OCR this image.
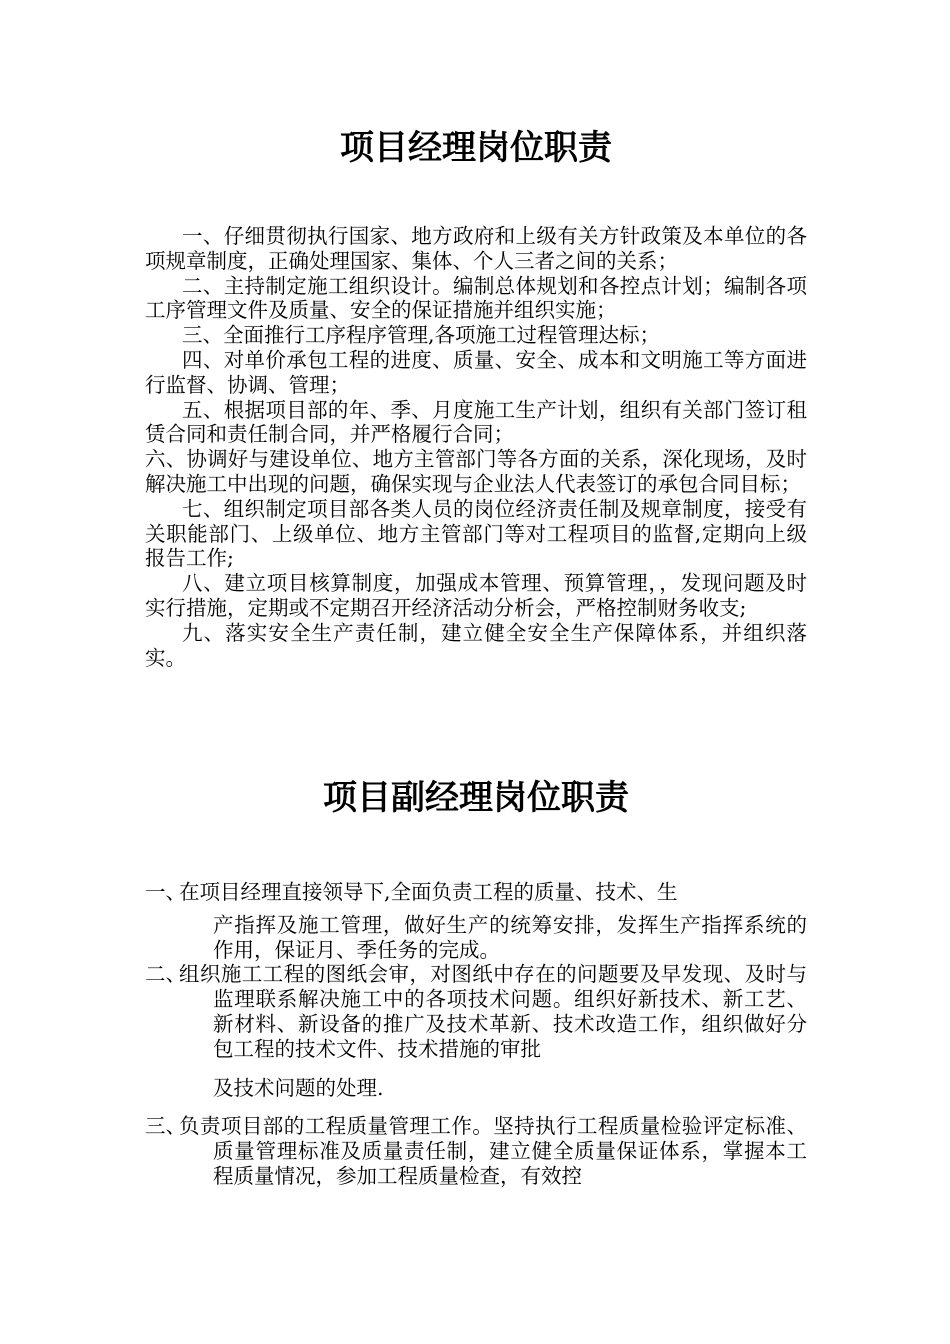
项目经理岗位职责

一、仔细贯彻执行国家、地方政府和上级有关方针政策及本单位的各项规章制度，正确处理国家、集体、个人三者之间的关系；

二、主持制定施工组织设计。编制总体规划和各控点计划；编制各项工序管理文件及质量、安全的保证措施并组织实施；

三、全面推行工序程序管理,各项施工过程管理达标；

四、对单价承包工程的进度、质量、安全、成本和文明施工等方面进行监督、协调、管理；

五、根据项目部的年、季、月度施工生产计划，组织有关部门签订租赁合同和责任制合同，并严格履行合同；

六、协调好与建设单位、地方主管部门等各方面的关系，深化现场，及时解决施工中出现的问题，确保实现与企业法人代表签订的承包合同目标；

七、组织制定项目部各类人员的岗位经济责任制及规章制度，接受有关职能部门、上级单位、地方主管部门等对工程项目的监督,定期向上级报告工作;

八、建立项目核算制度，加强成本管理、预算管理，，发现问题及时实行措施，定期或不定期召开经济活动分析会，严格控制财务收支;

九、落实安全生产责任制，建立健全安全生产保障体系，并组织落实。

项目副经理岗位职责
一、

在项目经理直接领导下,全面负责工程的质量、技术、生

产指挥及施工管理，做好生产的统筹安排，发挥生产指挥系统的作用，保证月、季任务的完成。

二、

组织施工工程的图纸会审，对图纸中存在的问题要及早发现、及时与监理联系解决施工中的各项技术问题。组织好新技术、新工艺、新材料、新设备的推广及技术革新、技术改造工作，组织做好分包工程的技术文件、技术措施的审批

及技术问题的处理.

三、

负责项目部的工程质量管理工作。坚持执行工程质量检验评定标准、质量管理标准及质量责任制，建立健全质量保证体系，掌握本工程质量情况，参加工程质量检查，有效控
